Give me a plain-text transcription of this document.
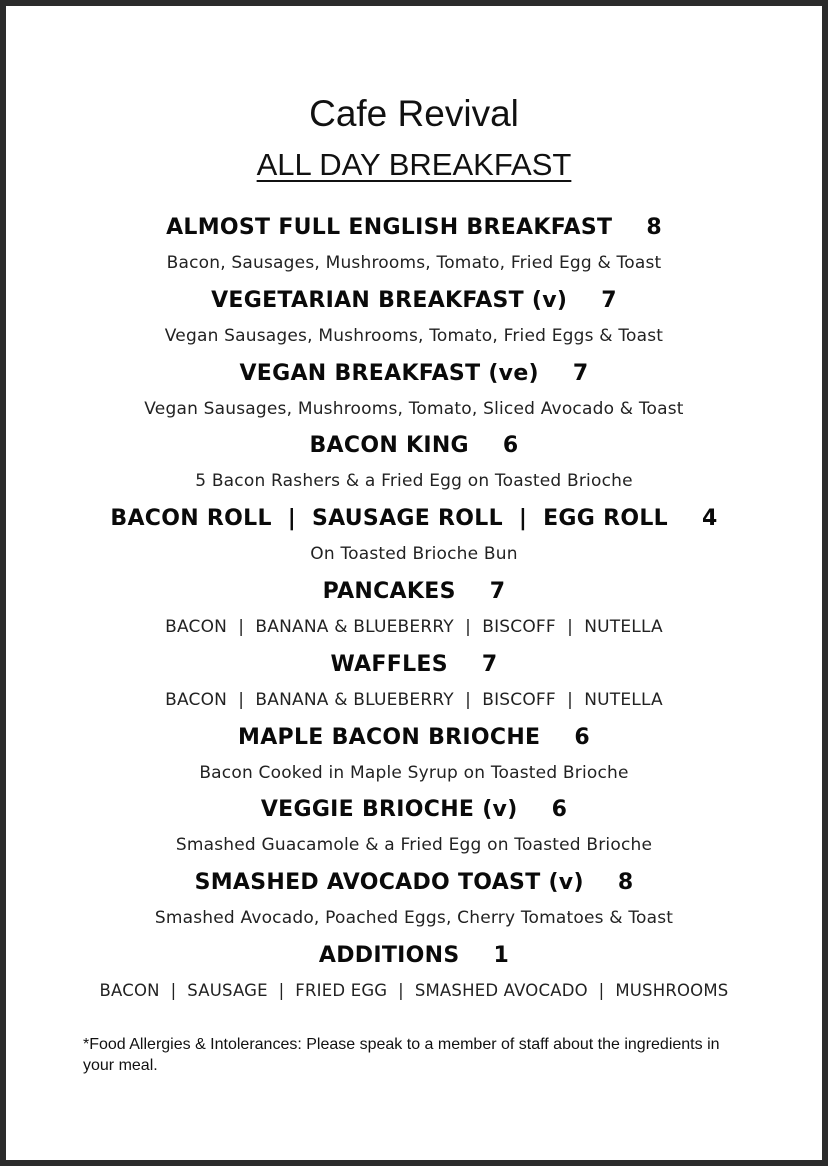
Cafe Revival
ALL DAY BREAKFAST
ALMOST FULL ENGLISH BREAKFAST 8
Bacon, Sausages, Mushrooms, Tomato, Fried Egg & Toast
VEGETARIAN BREAKFAST (v) 7
Vegan Sausages, Mushrooms, Tomato, Fried Eggs & Toast
VEGAN BREAKFAST (ve) 7
Vegan Sausages, Mushrooms, Tomato, Sliced Avocado & Toast
BACON KING 6
5 Bacon Rashers & a Fried Egg on Toasted Brioche
BACON ROLL  |  SAUSAGE ROLL  |  EGG ROLL 4
On Toasted Brioche Bun
PANCAKES 7
BACON  |  BANANA & BLUEBERRY  |  BISCOFF  |  NUTELLA
WAFFLES 7
BACON  |  BANANA & BLUEBERRY  |  BISCOFF  |  NUTELLA
MAPLE BACON BRIOCHE 6
Bacon Cooked in Maple Syrup on Toasted Brioche
VEGGIE BRIOCHE (v) 6
Smashed Guacamole & a Fried Egg on Toasted Brioche
SMASHED AVOCADO TOAST (v) 8
Smashed Avocado, Poached Eggs, Cherry Tomatoes & Toast
ADDITIONS 1
BACON  |  SAUSAGE  |  FRIED EGG  |  SMASHED AVOCADO  |  MUSHROOMS
*Food Allergies & Intolerances: Please speak to a member of staff about the ingredients in your meal.
